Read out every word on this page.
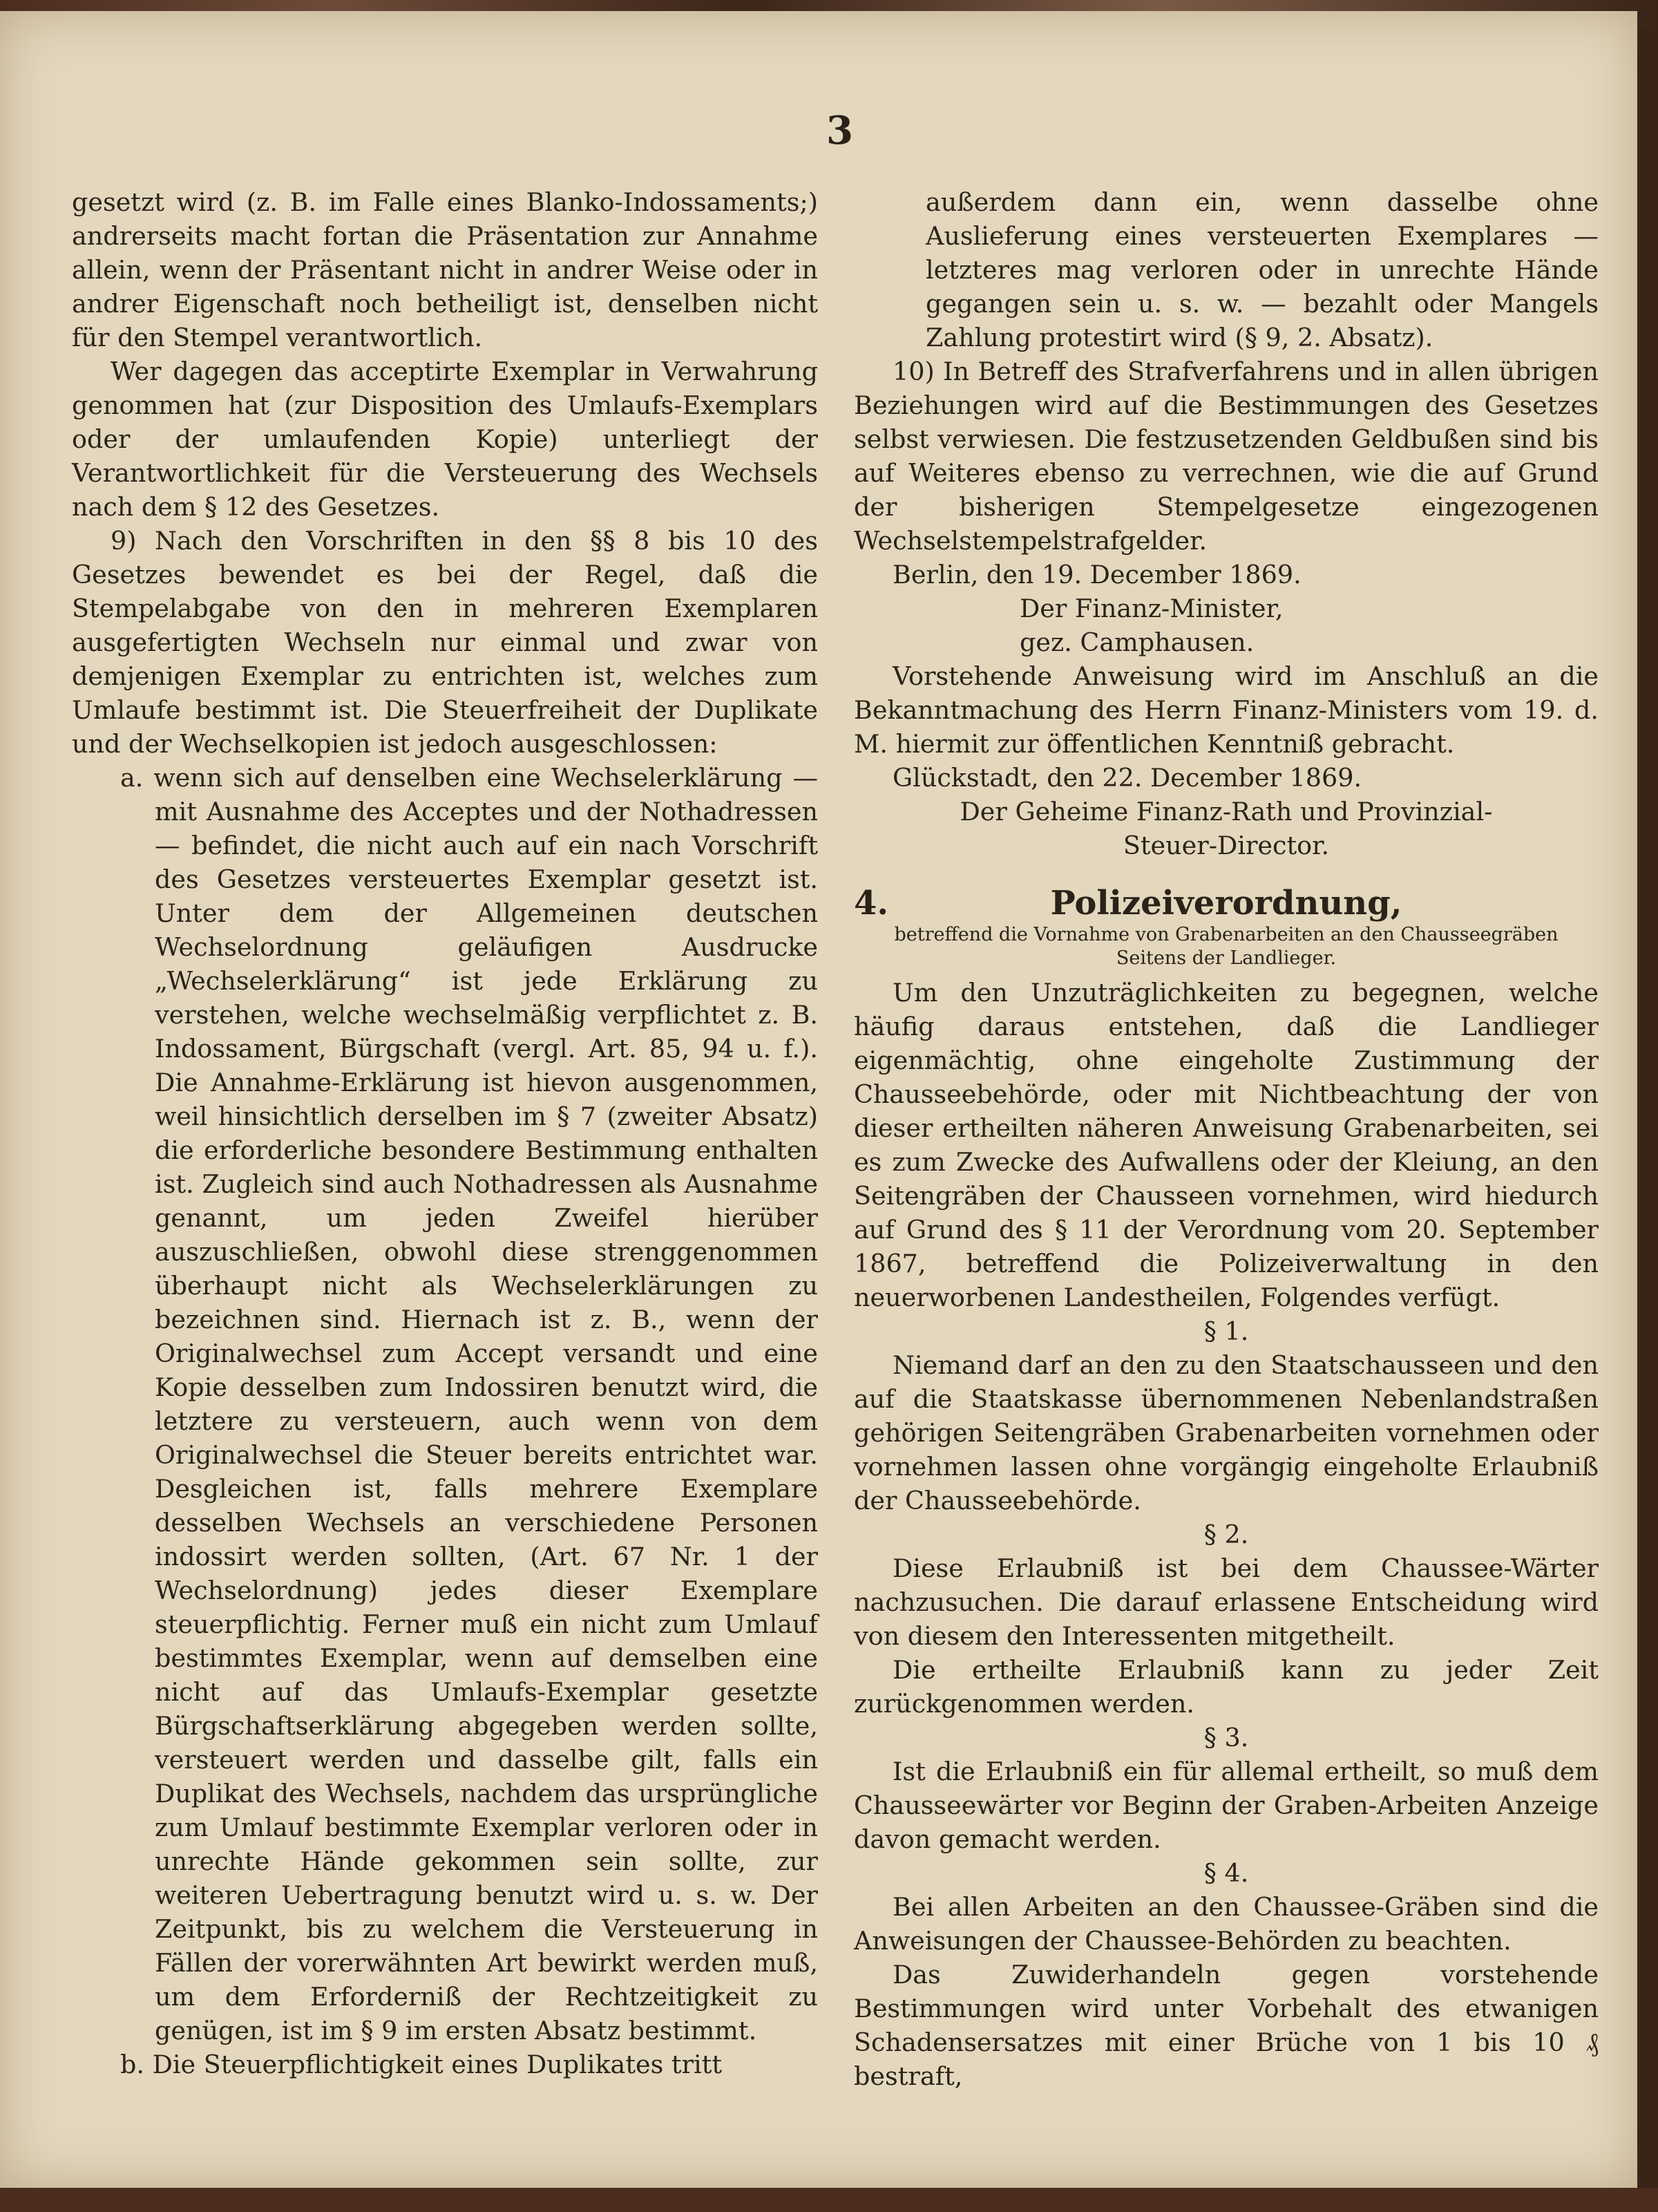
3

gesetzt wird (z. B. im Falle eines Blanko-Indossaments;) andrerseits macht fortan die Präsentation zur Annahme allein, wenn der Präsentant nicht in andrer Weise oder in andrer Eigenschaft noch betheiligt ist, denselben nicht für den Stempel verantwortlich.

Wer dagegen das acceptirte Exemplar in Verwahrung genommen hat (zur Disposition des Umlaufs-Exemplars oder der umlaufenden Kopie) unterliegt der Verantwortlichkeit für die Versteuerung des Wechsels nach dem § 12 des Gesetzes.

9) Nach den Vorschriften in den §§ 8 bis 10 des Gesetzes bewendet es bei der Regel, daß die Stempelabgabe von den in mehreren Exemplaren ausgefertigten Wechseln nur einmal und zwar von demjenigen Exemplar zu entrichten ist, welches zum Umlaufe bestimmt ist. Die Steuerfreiheit der Duplikate und der Wechselkopien ist jedoch ausgeschlossen:

a. wenn sich auf denselben eine Wechselerklärung — mit Ausnahme des Acceptes und der Nothadressen — befindet, die nicht auch auf ein nach Vorschrift des Gesetzes versteuertes Exemplar gesetzt ist. Unter dem der Allgemeinen deutschen Wechselordnung geläufigen Ausdrucke „Wechselerklärung“ ist jede Erklärung zu verstehen, welche wechselmäßig verpflichtet z. B. Indossament, Bürgschaft (vergl. Art. 85, 94 u. f.). Die Annahme-Erklärung ist hievon ausgenommen, weil hinsichtlich derselben im § 7 (zweiter Absatz) die erforderliche besondere Bestimmung enthalten ist. Zugleich sind auch Nothadressen als Ausnahme genannt, um jeden Zweifel hierüber auszuschließen, obwohl diese strenggenommen überhaupt nicht als Wechselerklärungen zu bezeichnen sind. Hiernach ist z. B., wenn der Originalwechsel zum Accept versandt und eine Kopie desselben zum Indossiren benutzt wird, die letztere zu versteuern, auch wenn von dem Originalwechsel die Steuer bereits entrichtet war. Desgleichen ist, falls mehrere Exemplare desselben Wechsels an verschiedene Personen indossirt werden sollten, (Art. 67 Nr. 1 der Wechselordnung) jedes dieser Exemplare steuerpflichtig. Ferner muß ein nicht zum Umlauf bestimmtes Exemplar, wenn auf demselben eine nicht auf das Umlaufs-Exemplar gesetzte Bürgschaftserklärung abgegeben werden sollte, versteuert werden und dasselbe gilt, falls ein Duplikat des Wechsels, nachdem das ursprüngliche zum Umlauf bestimmte Exemplar verloren oder in unrechte Hände gekommen sein sollte, zur weiteren Uebertragung benutzt wird u. s. w. Der Zeitpunkt, bis zu welchem die Versteuerung in Fällen der vorerwähnten Art bewirkt werden muß, um dem Erforderniß der Rechtzeitigkeit zu genügen, ist im § 9 im ersten Absatz bestimmt.

b. Die Steuerpflichtigkeit eines Duplikates tritt

außerdem dann ein, wenn dasselbe ohne Auslieferung eines versteuerten Exemplares — letzteres mag verloren oder in unrechte Hände gegangen sein u. s. w. — bezahlt oder Mangels Zahlung protestirt wird (§ 9, 2. Absatz).

10) In Betreff des Strafverfahrens und in allen übrigen Beziehungen wird auf die Bestimmungen des Gesetzes selbst verwiesen. Die festzusetzenden Geldbußen sind bis auf Weiteres ebenso zu verrechnen, wie die auf Grund der bisherigen Stempelgesetze eingezogenen Wechselstempelstrafgelder.

Berlin, den 19. December 1869.

Der Finanz-Minister,

gez. Camphausen.

Vorstehende Anweisung wird im Anschluß an die Bekanntmachung des Herrn Finanz-Ministers vom 19. d. M. hiermit zur öffentlichen Kenntniß gebracht.

Glückstadt, den 22. December 1869.

Der Geheime Finanz-Rath und Provinzial-

Steuer-Director.

4.	Polizeiverordnung,

betreffend die Vornahme von Grabenarbeiten an den Chausseegräben Seitens der Landlieger.

Um den Unzuträglichkeiten zu begegnen, welche häufig daraus entstehen, daß die Landlieger eigenmächtig, ohne eingeholte Zustimmung der Chausseebehörde, oder mit Nichtbeachtung der von dieser ertheilten näheren Anweisung Grabenarbeiten, sei es zum Zwecke des Aufwallens oder der Kleiung, an den Seitengräben der Chausseen vornehmen, wird hiedurch auf Grund des § 11 der Verordnung vom 20. September 1867, betreffend die Polizeiverwaltung in den neuerworbenen Landestheilen, Folgendes verfügt.

§ 1.

Niemand darf an den zu den Staatschausseen und den auf die Staatskasse übernommenen Nebenlandstraßen gehörigen Seitengräben Grabenarbeiten vornehmen oder vornehmen lassen ohne vorgängig eingeholte Erlaubniß der Chausseebehörde.

§ 2.

Diese Erlaubniß ist bei dem Chaussee-Wärter nachzusuchen. Die darauf erlassene Entscheidung wird von diesem den Interessenten mitgetheilt.

Die ertheilte Erlaubniß kann zu jeder Zeit zurückgenommen werden.

§ 3.

Ist die Erlaubniß ein für allemal ertheilt, so muß dem Chausseewärter vor Beginn der Graben-Arbeiten Anzeige davon gemacht werden.

§ 4.

Bei allen Arbeiten an den Chaussee-Gräben sind die Anweisungen der Chaussee-Behörden zu beachten.

Das Zuwiderhandeln gegen vorstehende Bestimmungen wird unter Vorbehalt des etwanigen Schadensersatzes mit einer Brüche von 1 bis 10 ₰ bestraft,
